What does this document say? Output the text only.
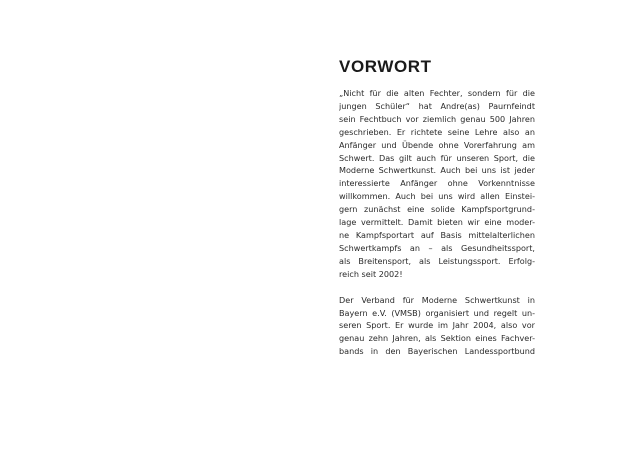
VORWORT

„Nicht für die alten Fechter, sondern für die
jungen Schüler“ hat Andre(as) Paurnfeindt
sein Fechtbuch vor ziemlich genau 500 Jahren
geschrieben. Er richtete seine Lehre also an
Anfänger und Übende ohne Vorerfahrung am
Schwert. Das gilt auch für unseren Sport, die
Moderne Schwertkunst. Auch bei uns ist jeder
interessierte Anfänger ohne Vorkenntnisse
willkommen. Auch bei uns wird allen Einstei-
gern zunächst eine solide Kampfsportgrund-
lage vermittelt. Damit bieten wir eine moder-
ne Kampfsportart auf Basis mittelalterlichen
Schwertkampfs an – als Gesundheitssport,
als Breitensport, als Leistungssport. Erfolg-
reich seit 2002!

Der Verband für Moderne Schwertkunst in
Bayern e.V. (VMSB) organisiert und regelt un-
seren Sport. Er wurde im Jahr 2004, also vor
genau zehn Jahren, als Sektion eines Fachver-
bands in den Bayerischen Landessportbund
